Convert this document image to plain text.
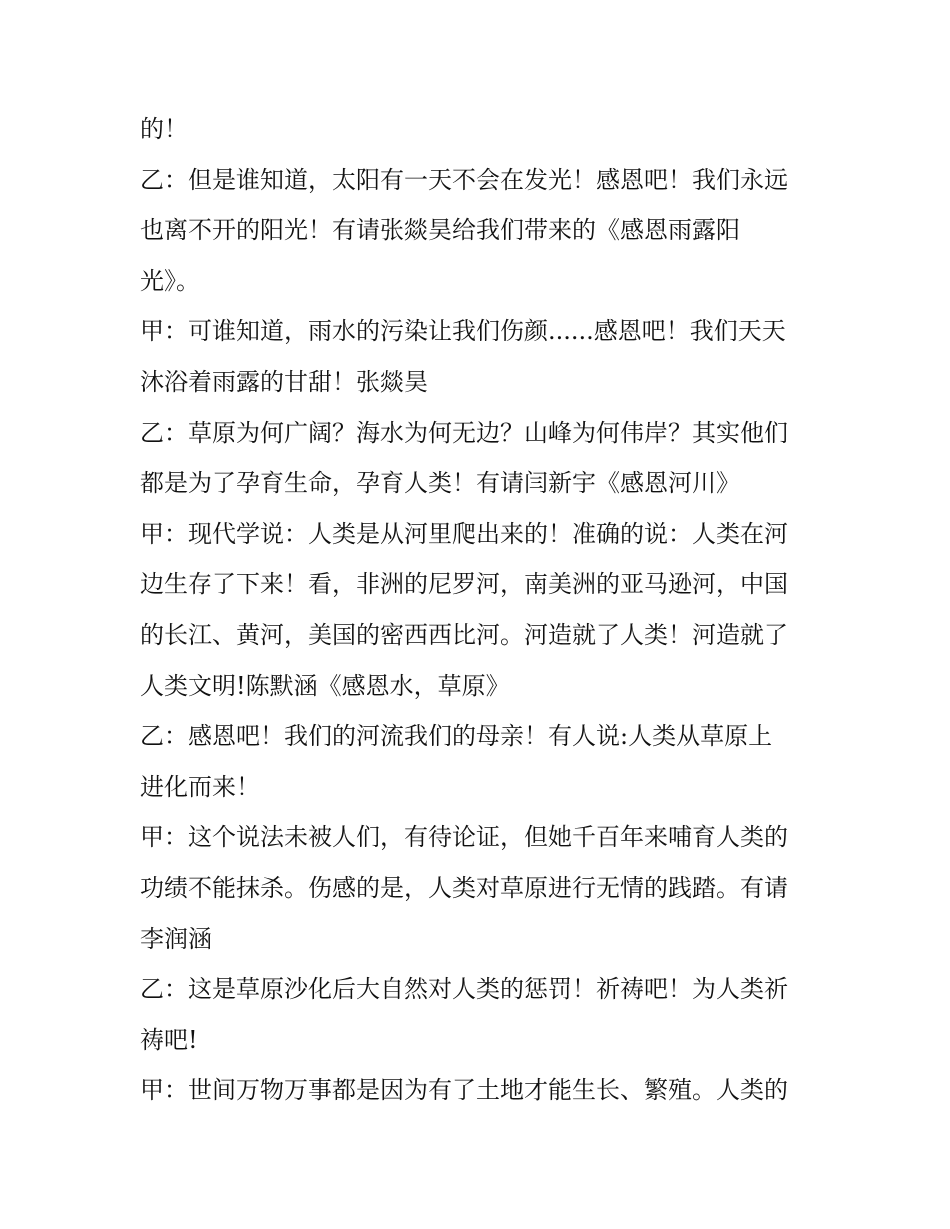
的！
乙：但是谁知道，太阳有一天不会在发光！感恩吧！我们永远
也离不开的阳光！有请张燚昊给我们带来的《感恩雨露阳
光》。
甲：可谁知道，雨水的污染让我们伤颜......感恩吧！我们天天
沐浴着雨露的甘甜！张燚昊
乙：草原为何广阔？海水为何无边？山峰为何伟岸？其实他们
都是为了孕育生命，孕育人类！有请闫新宇《感恩河川》
甲：现代学说：人类是从河里爬出来的！准确的说：人类在河
边生存了下来！看，非洲的尼罗河，南美洲的亚马逊河，中国
的长江、黄河，美国的密西西比河。河造就了人类！河造就了
人类文明!陈默涵《感恩水，草原》
乙：感恩吧！我们的河流我们的母亲！有人说:人类从草原上
进化而来！
甲：这个说法未被人们，有待论证，但她千百年来哺育人类的
功绩不能抹杀。伤感的是，人类对草原进行无情的践踏。有请
李润涵
乙：这是草原沙化后大自然对人类的惩罚！祈祷吧！为人类祈
祷吧!
甲：世间万物万事都是因为有了土地才能生长、繁殖。人类的
